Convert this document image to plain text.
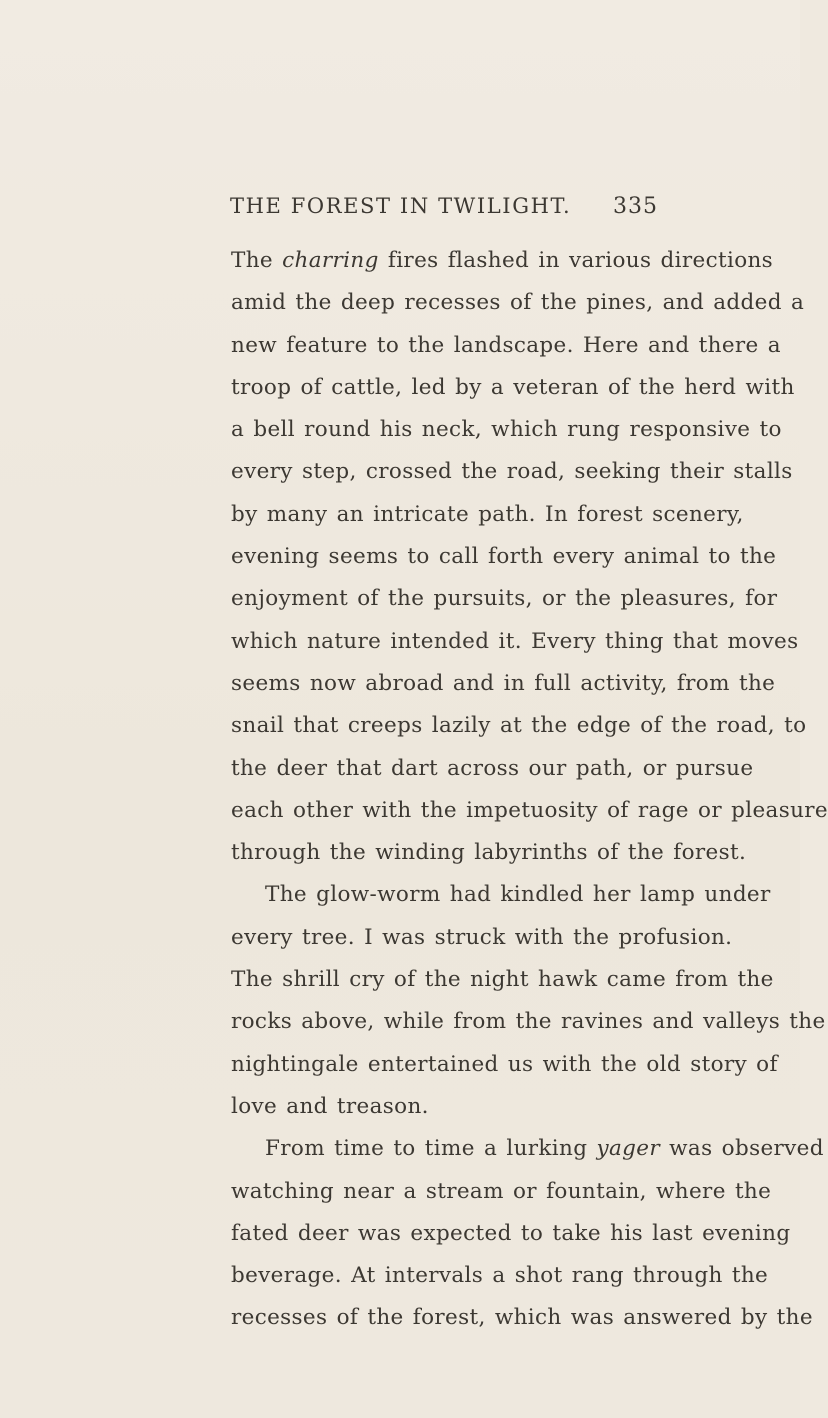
THE FOREST IN TWILIGHT. 335
The charring fires flashed in various directions
amid the deep recesses of the pines, and added a
new feature to the landscape. Here and there a
troop of cattle, led by a veteran of the herd with
a bell round his neck, which rung responsive to
every step, crossed the road, seeking their stalls
by many an intricate path. In forest scenery,
evening seems to call forth every animal to the
enjoyment of the pursuits, or the pleasures, for
which nature intended it. Every thing that moves
seems now abroad and in full activity, from the
snail that creeps lazily at the edge of the road, to
the deer that dart across our path, or pursue
each other with the impetuosity of rage or pleasure
through the winding labyrinths of the forest.
The glow-worm had kindled her lamp under
every tree. I was struck with the profusion.
The shrill cry of the night hawk came from the
rocks above, while from the ravines and valleys the
nightingale entertained us with the old story of
love and treason.
From time to time a lurking yager was observed
watching near a stream or fountain, where the
fated deer was expected to take his last evening
beverage. At intervals a shot rang through the
recesses of the forest, which was answered by the
